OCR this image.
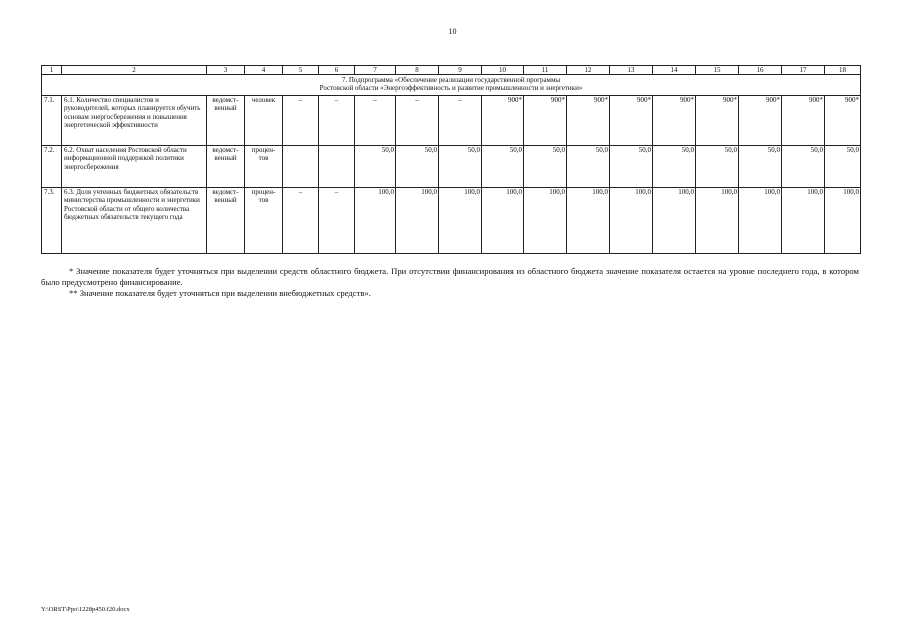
10
1	2	3	4	5	6	7	8	9	10	11	12	13	14	15	16	17	18

7. Подпрограмма «Обеспечение реализации государственной программы
Ростовской области «Энергоэффективность и развитие промышленности и энергетики»																	

7.1.	6.1. Количество специалистов и руководителей, которых планируется обучить основам энергосбережения и повышения энергетической эффективности	ведомст-венный	человек	–	–	–	–	–	900*	900*	900*	900*	900*	900*	900*	900*	900*
7.2.	6.2. Охват населения Ростовской области информационной поддержкой политики энергосбережения	ведомст-венный	процен-тов			50,0	50,0	50,0	50,0	50,0	50,0	50,0	50,0	50,0	50,0	50,0	50,0
7.3.	6.3. Доля учтенных бюджетных обязательств министерства промышленности и энергетики Ростовской области от общего количества бюджетных обязательств текущего года	ведомст-венный	процен-тов	–	–	100,0	100,0	100,0	100,0	100,0	100,0	100,0	100,0	100,0	100,0	100,0	100,0

* Значение показателя будет уточняться при выделении средств областного бюджета. При отсутствии финансирования из областного бюджета значение показателя остается на уровне последнего года, в котором было предусмотрено финансирование.

** Значение показателя будет уточняться при выделении внебюджетных средств».

Y:\ORST\Ppo\1228p450.f20.docx
